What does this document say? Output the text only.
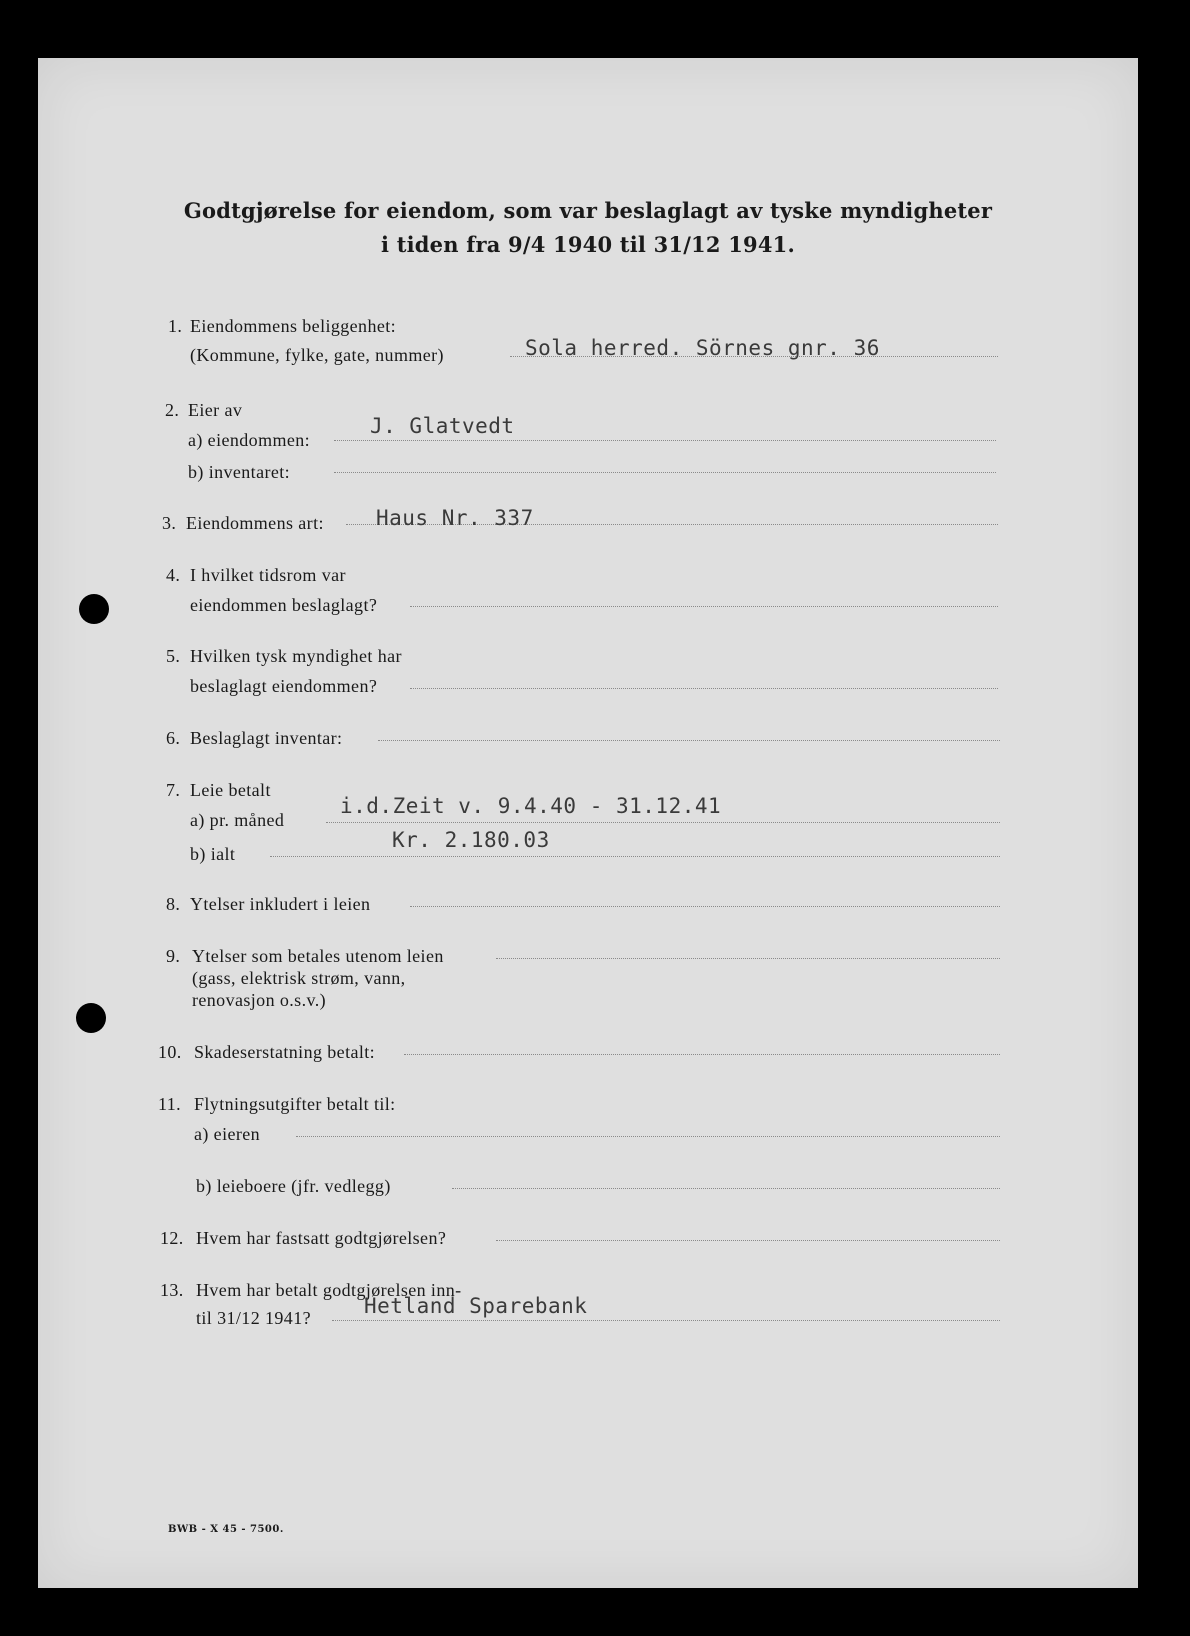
Godtgjørelse for eiendom, som var beslaglagt av tyske myndigheter
i tiden fra 9/4 1940 til 31/12 1941.
1. Eiendommens beliggenhet:
(Kommune, fylke, gate, nummer)	Sola herred. Sörnes gnr. 36
2. Eier av
a) eiendommen:
J. Glatvedt
b) inventaret:
3. Eiendommens art: Haus Nr. 337
4. I hvilket tidsrom var
eiendommen beslaglagt?
5. Hvilken tysk myndighet har
beslaglagt eiendommen?
6. Beslaglagt inventar:
7. Leie betalt
a) pr. måned
i.d.Zeit v. 9.4.40 - 31.12.41
b) ialt
Kr. 2.180.03
8. Ytelser inkludert i leien
9. Ytelser som betales utenom leien
(gass, elektrisk strøm, vann,
renovasjon o.s.v.)
10. Skadeserstatning betalt:
11. Flytningsutgifter betalt til:
a) eieren
b) leieboere (jfr. vedlegg)
12. Hvem har fastsatt godtgjørelsen?
13. Hvem har betalt godtgjørelsen inn-
til 31/12 1941?	Hetland Sparebank
BWB - X 45 - 7500.
